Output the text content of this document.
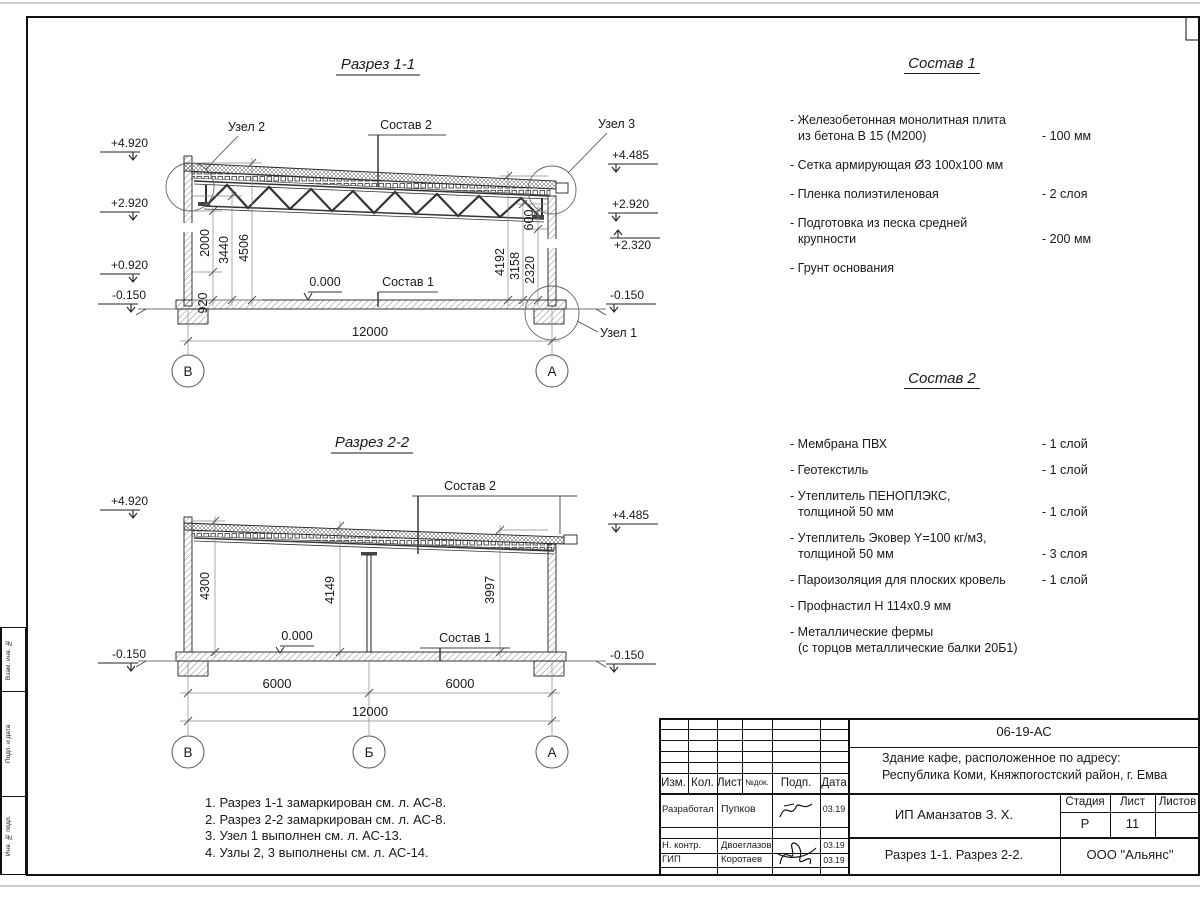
Разрез 1-1
Узел 2	Состав 2	Узел 3
Состав 1
0.000
Узел 1
+4.920
+2.920
+0.920
-0.150
+4.485
+2.920
+2.320
-0.150
920
2000 3440 4506
4192 3158 2320
600
12000
В	А
Разрез 2-2
Состав 2
Состав 1
0.000
+4.920
-0.150
+4.485
-0.150
4300	4149	3997
6000	6000
12000
В	Б	А
Состав 1
- Железобетонная монолитная плита
из бетона В 15 (М200)	- 100 мм
- Сетка армирующая Ø3 100x100 мм
- Пленка полиэтиленовая	- 2 слоя
- Подготовка из песка средней
крупности	- 200 мм
- Грунт основания
Состав 2
- Мембрана ПВХ	- 1 слой
- Геотекстиль	- 1 слой
- Утеплитель ПЕНОПЛЭКС,
толщиной 50 мм	- 1 слой
- Утеплитель Эковер Y=100 кг/м3,
толщиной 50 мм	- 3 слоя
- Пароизоляция для плоских кровель	- 1 слой
- Профнастил Н 114x0.9 мм
- Металлические фермы
(с торцов металлические балки 20Б1)
1. Разрез 1-1 замаркирован см. л. АС-8.
2. Разрез 2-2 замаркирован см. л. АС-8.
3. Узел 1 выполнен см. л. АС-13.
4. Узлы 2, 3 выполнены см. л. АС-14.
Взам. инв. №
Подп. и дата
Инв. № подл.
Изм. Кол. Лист №док.	Подп. Дата
Разработал Пупков	03.19
Н. контр.	Двоеглазов	03.19
ГИП	Коротаев	03.19
06-19-АС
Здание кафе, расположенное по адресу:
Республика Коми, Княжпогостский район, г. Емва
ИП Аманзатов З. Х.
Стадия	Лист	Листов
Р	11
Разрез 1-1. Разрез 2-2.	ООО "Альянс"
